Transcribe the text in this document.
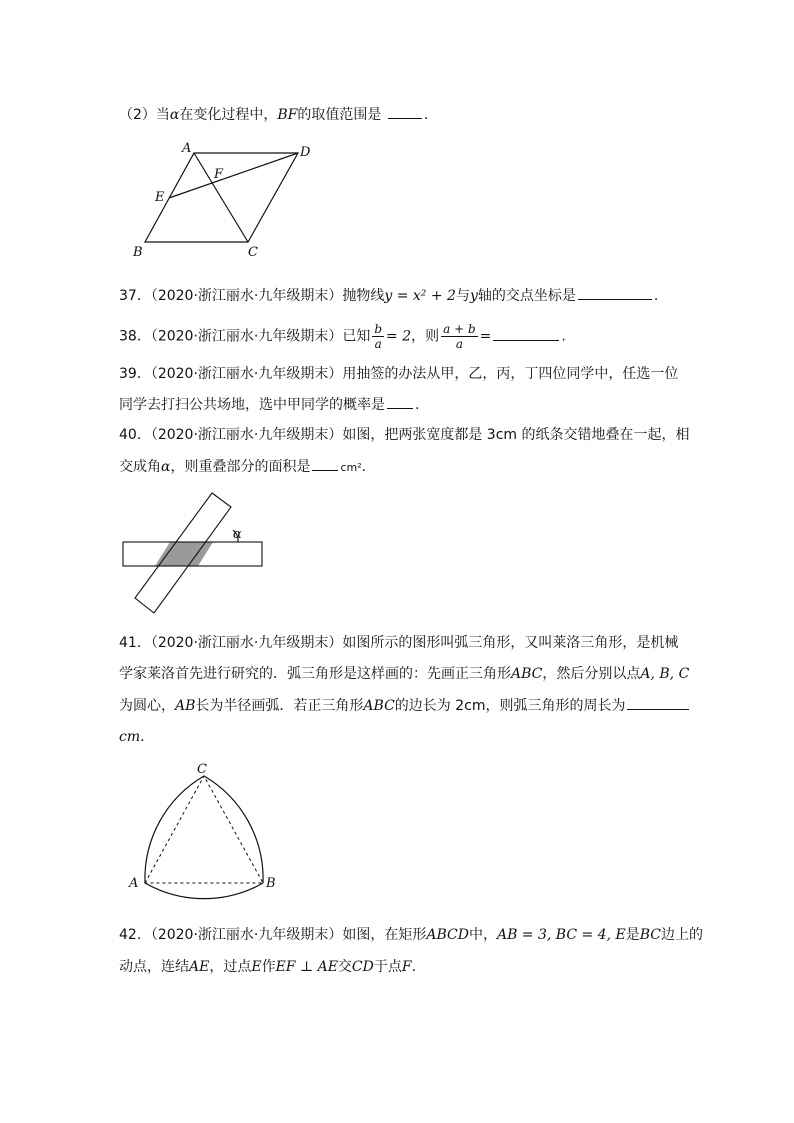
（2）当α在变化过程中，BF的取值范围是	.
A	D
F
E
B	C
37．（2020·浙江丽水·九年级期末）抛物线y = x² + 2与y轴的交点坐标是	.
38．（2020·浙江丽水·九年级期末）已知 $\frac{b}{a} = 2$，则 $\frac{a + b}{a}$ =	.
39．（2020·浙江丽水·九年级期末）用抽签的办法从甲，乙，丙，丁四位同学中，任选一位
同学去打扫公共场地，选中甲同学的概率是 .
40．（2020·浙江丽水·九年级期末）如图，把两张宽度都是 3cm 的纸条交错地叠在一起，相
交成角α，则重叠部分的面积是	cm².
α
41．（2020·浙江丽水·九年级期末）如图所示的图形叫弧三角形，又叫莱洛三角形，是机械
学家莱洛首先进行研究的．弧三角形是这样画的：先画正三角形ABC，然后分别以点A, B, C
为圆心，AB长为半径画弧．若正三角形ABC的边长为 2cm，则弧三角形的周长为
cm.
C
A	B
42．（2020·浙江丽水·九年级期末）如图，在矩形ABCD中，AB = 3, BC = 4, E是BC边上的
动点，连结AE，过点E作EF ⊥ AE交CD于点F.
